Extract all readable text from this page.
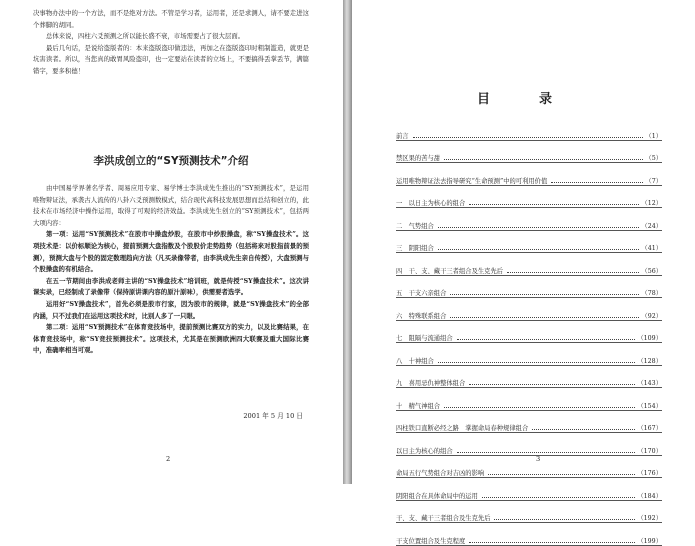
决事物办法中的一个方法，而不是绝对方法。不管是学习者，运用者，还是求测人，请不要走进这个葬脚的胡同。

总体来说，四柱六爻预测之所以能长盛不衰，市场需要占了很大层面。

最后几句话，是说给盗版者的：本来盗版盗印做违法，再加之在盗版盗印时粗制滥造，就更是坑害读者。所以，当您真的敢胃风险盗印，也一定要站在读者的立场上，不要搞得丢掌丢节，满篇错字，要多积德！

李洪成创立的“SY预测技术”介绍

由中国易学界著名学者、周易应用专家、易学博士李洪成先生推出的“SY预测技术”，是运用唯物辩证法，承袭古人流传的八卦六爻预测数模式，结合现代高科技发展思想而总结和创立的，此技术在市场经济中操作运用，取得了可观的经济效益。李洪成先生创立的“SY预测技术”，包括两大项内容：

第一项：运用“SY预测技术”在股市中操盘炒股，在股市中炒股操盘，称“SY操盘技术”。这项技术是：以价标顺论为核心，提前预测大盘指数及个股股价走势趋势（包括将来对股指前景的预测），预测大盘与个股的固定数理趋向方法（凡买录像带者，由李洪成先生亲自传授），大盘预测与个股操盘的有机结合。

在五一节期间由李洪成老师主讲的“SY操盘技术”培训班，就是传授“SY操盘技术”。这次讲课实录，已经制成了录像带（保持原讲课内容的原汁原味），供需要者选学。

运用好“SY操盘技术”，首先必须是股市行家，因为股市的规律，就是“SY操盘技术”的全部内涵，只不过我们在运用这项技术时，比别人多了一只眼。

第二项：运用“SY预测技术”在体育竞技场中，提前预测比赛双方的实力，以及比赛结果，在体育竞技场中，称“SY竞技预测技术”。这项技术，尤其是在预测欧洲四大联赛及重大国际比赛中，准确率相当可观。

2001 年 5 月 10 日
2
目　录
前言	（1）
禁区果的苦与甜	（5）
运用唯物辩证法去指导研究“生命预测”中的可利用价值	（7）
一　以日主为核心的组合	（12）
二　气势组合	（24）
三　阴阳组合	（41）
四　干、支、藏干三者组合及生克先后	（56）
五　干支六亲组合	（78）
六　特殊联系组合	（92）
七　阻隔与流通组合	（109）
八　十神组合	（128）
九　喜用忌仇神整体组合	（143）
十　精气神组合	（154）
四柱铁口直断必经之路　掌握命局春种规律组合	（167）
以日主为核心的组合	（170）
命局五行气势组合对吉凶的影响	（176）
阴阳组合在具体命局中的运用	（184）
干、支、藏干三者组合及生克先后	（192）
干支位置组合及生克程度	（199）
3
